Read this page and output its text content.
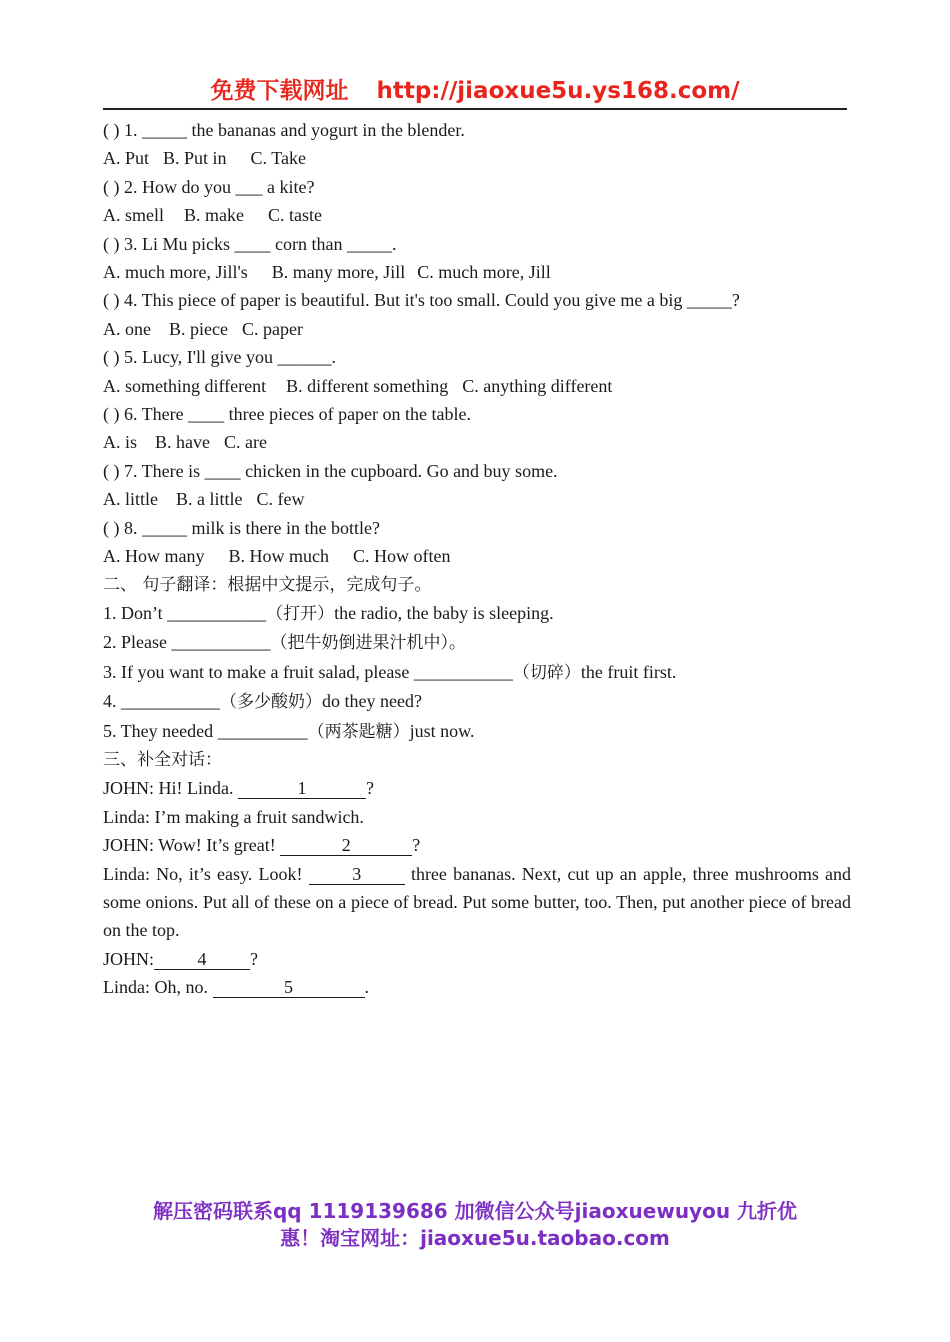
免费下载网址 http://jiaoxue5u.ys168.com/
( ) 1. _____ the bananas and yogurt in the blender.
A. Put B. Put in C. Take
( ) 2. How do you ___ a kite?
A. smell B. make C. taste
( ) 3. Li Mu picks ____ corn than _____.
A. much more, Jill's B. many more, Jill C. much more, Jill
( ) 4. This piece of paper is beautiful. But it's too small. Could you give me a big _____?
A. one B. piece C. paper
( ) 5. Lucy, I'll give you ______.
A. something different B. different something C. anything different
( ) 6. There ____ three pieces of paper on the table.
A. is B. have C. are
( ) 7. There is ____ chicken in the cupboard. Go and buy some.
A. little B. a little C. few
( ) 8. _____ milk is there in the bottle?
A. How many B. How much C. How often
二、 句子翻译：根据中文提示，完成句子。
1. Don’t ___________（打开）the radio, the baby is sleeping.
2. Please ___________（把牛奶倒进果汁机中）。
3. If you want to make a fruit salad, please ___________（切碎）the fruit first.
4. ___________（多少酸奶）do they need?
5. They needed __________（两茶匙糖）just now.
三、补全对话：
JOHN: Hi! Linda.	1	?
Linda: I’m making a fruit sandwich.
JOHN: Wow! It’s great!	2	?
Linda: No, it’s easy. Look! 3 three bananas. Next, cut up an apple, three mushrooms and some onions. Put all of these on a piece of bread. Put some butter, too. Then, put another piece of bread on the top.
JOHN: 4 ?
Linda: Oh, no.	5	.
解压密码联系qq 1119139686 加微信公众号jiaoxuewuyou 九折优
惠！淘宝网址：jiaoxue5u.taobao.com
